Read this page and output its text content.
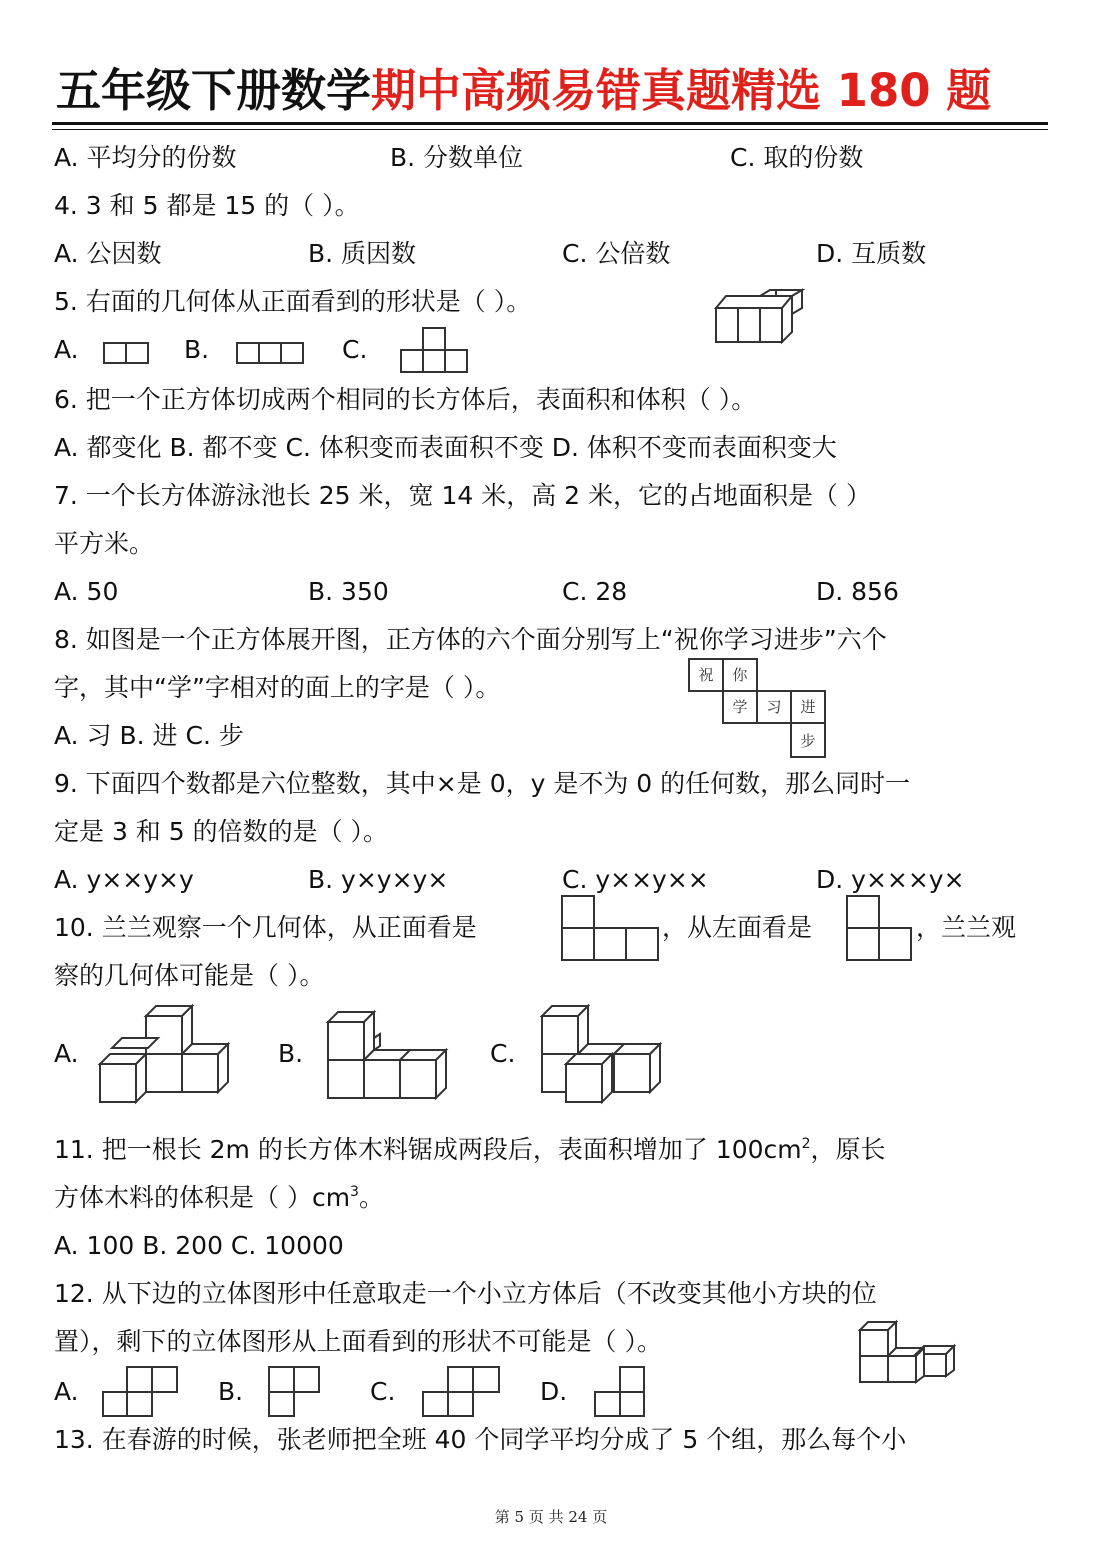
五年级下册数学期中高频易错真题精选 180 题
A. 平均分的份数	B. 分数单位	C. 取的份数
4. 3 和 5 都是 15 的（ ）。
A. 公因数	B. 质因数	C. 公倍数	D. 互质数
5. 右面的几何体从正面看到的形状是（ ）。
A.	B.	C.
6. 把一个正方体切成两个相同的长方体后，表面积和体积（ ）。
A. 都变化 B. 都不变 C. 体积变而表面积不变 D. 体积不变而表面积变大
7. 一个长方体游泳池长 25 米，宽 14 米，高 2 米，它的占地面积是（ ）
平方米。
A. 50	B. 350	C. 28	D. 856
8. 如图是一个正方体展开图，正方体的六个面分别写上“祝你学习进步”六个
字，其中“学”字相对的面上的字是（ ）。
A. 习 B. 进 C. 步
祝 你
学 习 进
步
9. 下面四个数都是六位整数，其中×是 0，y 是不为 0 的任何数，那么同时一
定是 3 和 5 的倍数的是（ ）。
A. y××y×y	B. y×y×y×	C. y××y××	D. y×××y×
10. 兰兰观察一个几何体，从正面看是	，从左面看是	，兰兰观
察的几何体可能是（ ）。
A.	B.	C.
11. 把一根长 2m 的长方体木料锯成两段后，表面积增加了 $100cm^2$，原长
方体木料的体积是（ ）$cm^3$。
A. 100 B. 200 C. 10000
12. 从下边的立体图形中任意取走一个小立方体后（不改变其他小方块的位
置），剩下的立体图形从上面看到的形状不可能是（ ）。
A.	B.	C.	D.
13. 在春游的时候，张老师把全班 40 个同学平均分成了 5 个组，那么每个小
第 5 页 共 24 页
